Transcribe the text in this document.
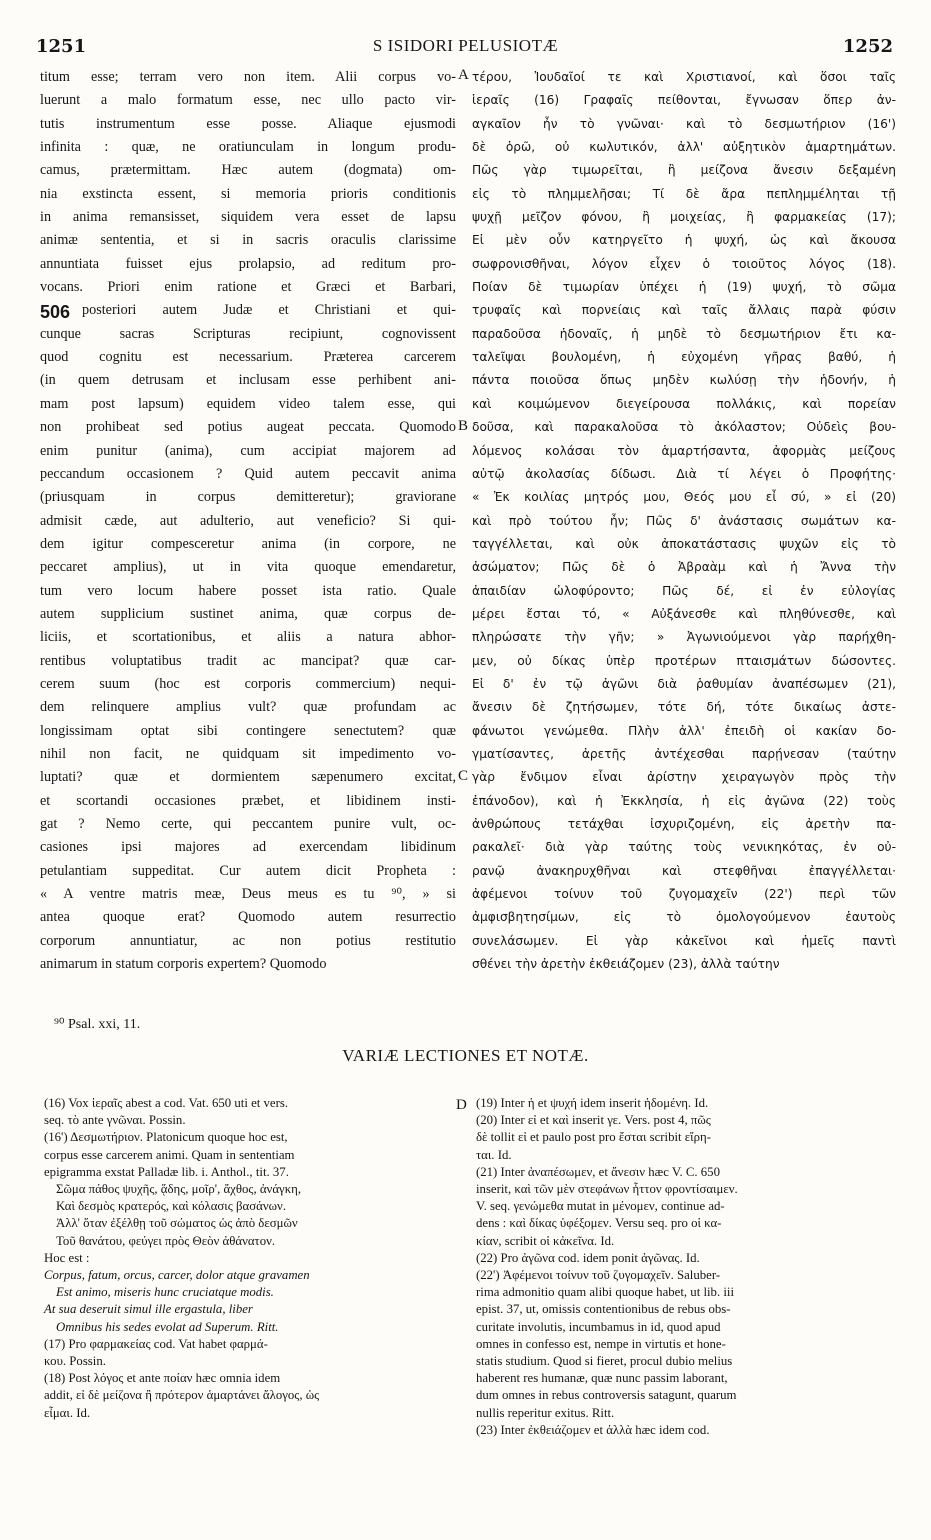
1251	S ISIDORI PELUSIOTÆ	1252
titum esse; terram vero non item. Alii corpus vo-
luerunt a malo formatum esse, nec ullo pacto vir-
tutis instrumentum esse posse. Aliaque ejusmodi
infinita : quæ, ne oratiunculam in longum produ-
camus, prætermittam. Hæc autem (dogmata) om-
nia exstincta essent, si memoria prioris conditionis
in anima remansisset, siquidem vera esset de lapsu
animæ sententia, et si in sacris oraculis clarissime
annuntiata fuisset ejus prolapsio, ad reditum pro-
vocans. Priori enim ratione et Græci et Barbari,
posteriori autem Judæ et Christiani et qui-
cunque sacras Scripturas recipiunt, cognovissent
quod cognitu est necessarium. Præterea carcerem
(in quem detrusam et inclusam esse perhibent ani-
mam post lapsum) equidem video talem esse, qui
non prohibeat sed potius augeat peccata. Quomodo
enim punitur (anima), cum accipiat majorem ad
peccandum occasionem ? Quid autem peccavit anima
(priusquam in corpus demitteretur); graviorane
admisit cæde, aut adulterio, aut veneficio? Si qui-
dem igitur compesceretur anima (in corpore, ne
peccaret amplius), ut in vita quoque emendaretur,
tum vero locum habere posset ista ratio. Quale
autem supplicium sustinet anima, quæ corpus de-
liciis, et scortationibus, et aliis a natura abhor-
rentibus voluptatibus tradit ac mancipat? quæ car-
cerem suum (hoc est corporis commercium) nequi-
dem relinquere amplius vult? quæ profundam ac
longissimam optat sibi contingere senectutem? quæ
nihil non facit, ne quidquam sit impedimento vo-
luptati? quæ et dormientem sæpenumero excitat,
et scortandi occasiones præbet, et libidinem insti-
gat ? Nemo certe, qui peccantem punire vult, oc-
casiones ipsi majores ad exercendam libidinum
petulantiam suppeditat. Cur autem dicit Propheta :
« A ventre matris meæ, Deus meus es tu ⁹⁰, » si
antea quoque erat? Quomodo autem resurrectio
corporum annuntiatur, ac non potius restitutio
animarum in statum corporis expertem? Quomodo
τέρου, Ἰουδαῖοί τε καὶ Χριστιανοί, καὶ ὅσοι ταῖς
ἱεραῖς (16) Γραφαῖς πείθονται, ἔγνωσαν ὅπερ ἀν-
αγκαῖον ἦν τὸ γνῶναι· καὶ τὸ δεσμωτήριον (16')
δὲ ὁρῶ, οὐ κωλυτικόν, ἀλλ' αὐξητικὸν ἁμαρτημάτων.
Πῶς γὰρ τιμωρεῖται, ἢ μείζονα ἄνεσιν δεξαμένη
εἰς τὸ πλημμελῆσαι; Τί δὲ ἄρα πεπλημμέληται τῇ
ψυχῇ μεῖζον φόνου, ἢ μοιχείας, ἢ φαρμακείας (17);
Εἰ μὲν οὖν κατηργεῖτο ἡ ψυχή, ὡς καὶ ἄκουσα
σωφρονισθῆναι, λόγον εἶχεν ὁ τοιοῦτος λόγος (18).
Ποίαν δὲ τιμωρίαν ὑπέχει ἡ (19) ψυχή, τὸ σῶμα
τρυφαῖς καὶ πορνείαις καὶ ταῖς ἄλλαις παρὰ φύσιν
παραδοῦσα ἡδοναῖς, ἡ μηδὲ τὸ δεσμωτήριον ἔτι κα-
ταλεῖψαι βουλομένη, ἡ εὐχομένη γῆρας βαθύ, ἡ
πάντα ποιοῦσα ὅπως μηδὲν κωλύσῃ τὴν ἡδονήν, ἡ
καὶ κοιμώμενον διεγείρουσα πολλάκις, καὶ πορείαν
δοῦσα, καὶ παρακαλοῦσα τὸ ἀκόλαστον; Οὐδεὶς βου-
λόμενος κολάσαι τὸν ἁμαρτήσαντα, ἀφορμὰς μείζους
αὐτῷ ἀκολασίας δίδωσι. Διὰ τί λέγει ὁ Προφήτης·
« Ἐκ κοιλίας μητρός μου, Θεός μου εἶ σύ, » εἰ (20)
καὶ πρὸ τούτου ἦν; Πῶς δ' ἀνάστασις σωμάτων κα-
ταγγέλλεται, καὶ οὐκ ἀποκατάστασις ψυχῶν εἰς τὸ
ἀσώματον; Πῶς δὲ ὁ Ἀβραὰμ καὶ ἡ Ἄννα τὴν
ἀπαιδίαν ὠλοφύροντο; Πῶς δέ, εἰ ἐν εὐλογίας
μέρει ἔσται τό, « Αὐξάνεσθε καὶ πληθύνεσθε, καὶ
πληρώσατε τὴν γῆν; » Ἀγωνιούμενοι γὰρ παρήχθη-
μεν, οὐ δίκας ὑπὲρ προτέρων πταισμάτων δώσοντες.
Εἰ δ' ἐν τῷ ἀγῶνι διὰ ῥαθυμίαν ἀναπέσωμεν (21),
ἄνεσιν δὲ ζητήσωμεν, τότε δή, τότε δικαίως ἀστε-
φάνωτοι γενώμεθα. Πλὴν ἀλλ' ἐπειδὴ οἱ κακίαν δο-
γματίσαντες, ἀρετῆς ἀντέχεσθαι παρῄνεσαν (ταύτην
γὰρ ἔνδιμον εἶναι ἀρίστην χειραγωγὸν πρὸς τὴν
ἐπάνοδον), καὶ ἡ Ἐκκλησία, ἡ εἰς ἀγῶνα (22) τοὺς
ἀνθρώπους τετάχθαι ἰσχυριζομένη, εἰς ἀρετὴν πα-
ρακαλεῖ· διὰ γὰρ ταύτης τοὺς νενικηκότας, ἐν οὐ-
ρανῷ ἀνακηρυχθῆναι καὶ στεφθῆναι ἐπαγγέλλεται·
ἀφέμενοι τοίνυν τοῦ ζυγομαχεῖν (22') περὶ τῶν
ἀμφισβητησίμων, εἰς τὸ ὁμολογούμενον ἑαυτοὺς
συνελάσωμεν. Εἰ γὰρ κἀκεῖνοι καὶ ἡμεῖς παντὶ
σθένει τὴν ἀρετὴν ἐκθειάζομεν (23), ἀλλὰ ταύτην
A
B
C
D
506
⁹⁰ Psal. xxi, 11.
VARIÆ LECTIONES ET NOTÆ.
(16) Vox ἱεραῖς abest a cod. Vat. 650 uti et vers.
seq. τὸ ante γνῶναι. Possin.
(16') Δεσμωτήριον. Platonicum quoque hoc est,
corpus esse carcerem animi. Quam in sententiam
epigramma exstat Palladæ lib. i. Anthol., tit. 37.
Σῶμα πάθος ψυχῆς, ᾅδης, μοῖρ', ἄχθος, ἀνάγκη,
Καὶ δεσμὸς κρατερός, καὶ κόλασις βασάνων.
Ἀλλ' ὅταν ἐξέλθῃ τοῦ σώματος ὡς ἀπὸ δεσμῶν
Τοῦ θανάτου, φεύγει πρὸς Θεὸν ἀθάνατον.
Hoc est :
Corpus, fatum, orcus, carcer, dolor atque gravamen
Est animo, miseris hunc cruciatque modis.
At sua deseruit simul ille ergastula, liber
Omnibus his sedes evolat ad Superum. Ritt.
(17) Pro φαρμακείας cod. Vat habet φαρμά-
κου. Possin.
(18) Post λόγος et ante ποίαν hæc omnia idem
addit, εἰ δὲ μείζονα ἢ πρότερον ἁμαρτάνει ἄλογος, ὡς
εἶμαι. Id.
(19) Inter ἡ et ψυχή idem inserit ἡδομένη. Id.
(20) Inter εἰ et καὶ inserit γε. Vers. post 4, πῶς
δὲ tollit εἰ et paulo post pro ἔσται scribit εἴρη-
ται. Id.
(21) Inter ἀναπέσωμεν, et ἄνεσιν hæc V. C. 650
inserit, καὶ τῶν μὲν στεφάνων ἧττον φροντίσαιμεν.
V. seq. γενώμεθα mutat in μένομεν, continue ad-
dens : καὶ δίκας ὑφέξομεν. Versu seq. pro οἱ κα-
κίαν, scribit οἱ κἀκεῖνα. Id.
(22) Pro ἀγῶνα cod. idem ponit ἀγῶνας. Id.
(22') Ἀφέμενοι τοίνυν τοῦ ζυγομαχεῖν. Saluber-
rima admonitio quam alibi quoque habet, ut lib. iii
epist. 37, ut, omissis contentionibus de rebus obs-
curitate involutis, incumbamus in id, quod apud
omnes in confesso est, nempe in virtutis et hone-
statis studium. Quod si fieret, procul dubio melius
haberent res humanæ, quæ nunc passim laborant,
dum omnes in rebus controversis satagunt, quarum
nullis reperitur exitus. Ritt.
(23) Inter ἐκθειάζομεν et ἀλλὰ hæc idem cod.
